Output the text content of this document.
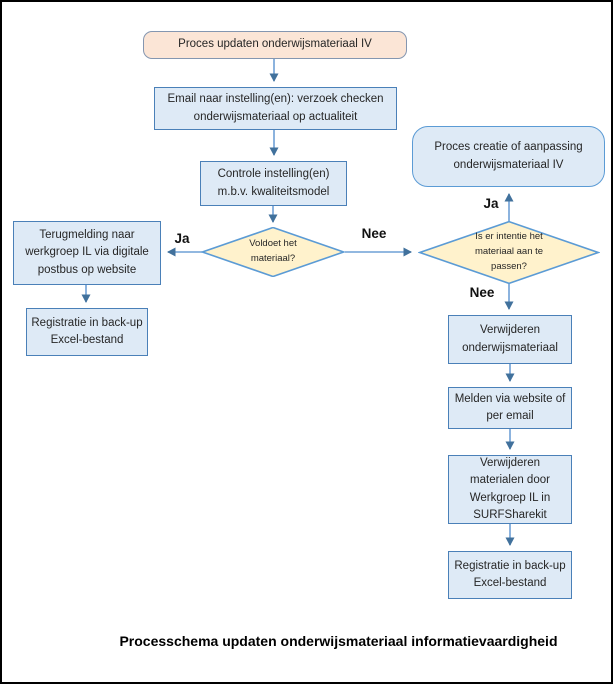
Proces updaten onderwijsmateriaal IV
Email naar instelling(en): verzoek checken onderwijsmateriaal op actualiteit
Controle instelling(en) m.b.v. kwaliteitsmodel
Voldoet het materiaal?
Terugmelding naar werkgroep IL via digitale postbus op website
Registratie in back-up Excel-bestand
Proces creatie of aanpassing onderwijsmateriaal IV
Is er intentie het materiaal aan te passen?
Verwijderen onderwijsmateriaal
Melden via website of per email
Verwijderen materialen door Werkgroep IL in SURFSharekit
Registratie in back-up Excel-bestand
Ja	Nee
Ja
Nee
Processchema updaten onderwijsmateriaal informatievaardigheid
